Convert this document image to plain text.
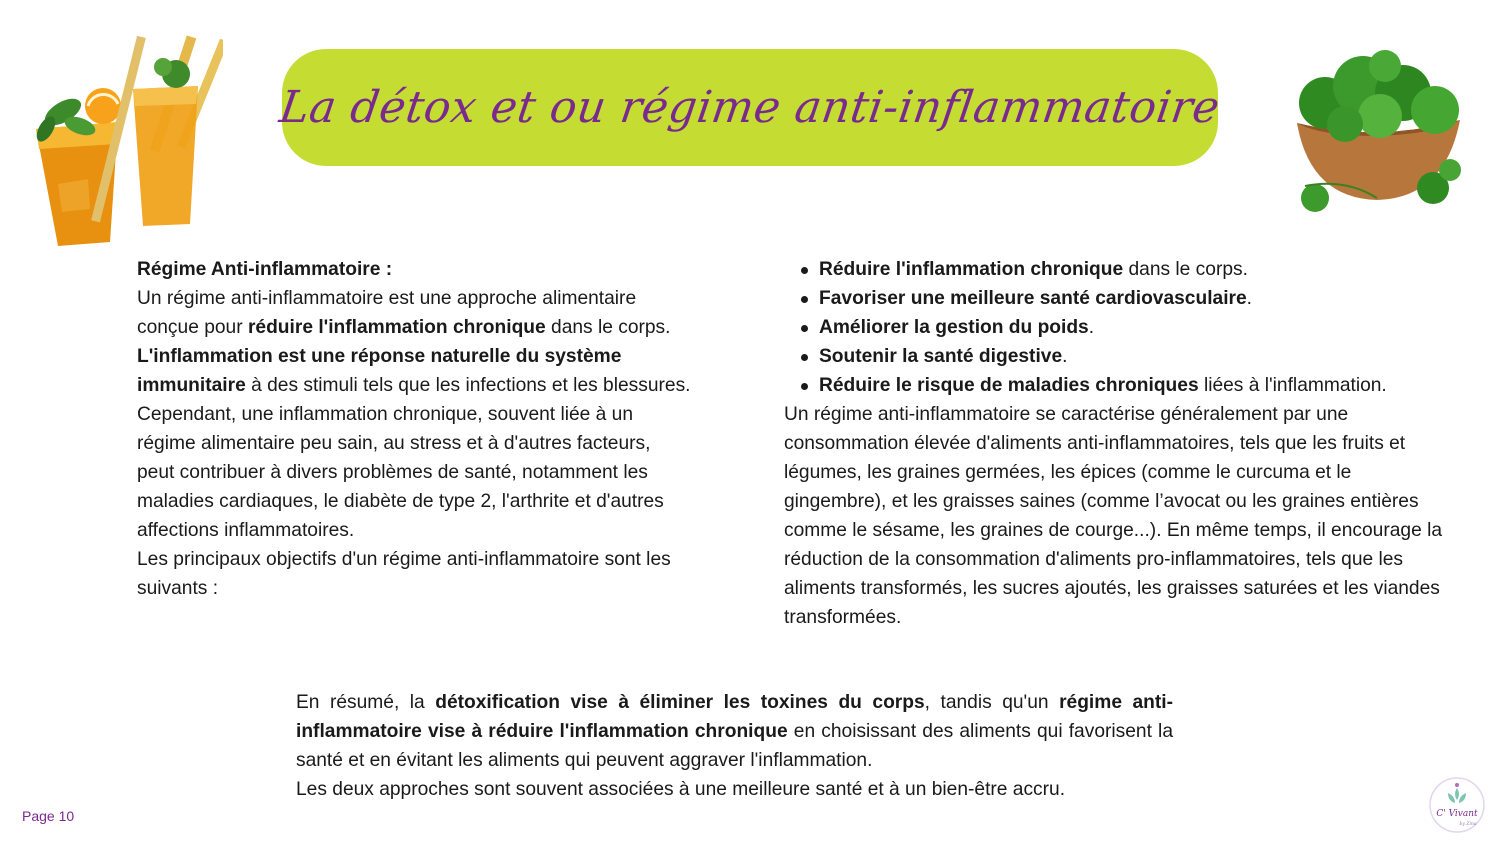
La détox et ou régime anti-inflammatoire

Régime Anti-inflammatoire :

Un régime anti-inflammatoire est une approche alimentaire conçue pour réduire l'inflammation chronique dans le corps.

L'inflammation est une réponse naturelle du système immunitaire à des stimuli tels que les infections et les blessures. Cependant, une inflammation chronique, souvent liée à un régime alimentaire peu sain, au stress et à d'autres facteurs, peut contribuer à divers problèmes de santé, notamment les maladies cardiaques, le diabète de type 2, l'arthrite et d'autres affections inflammatoires.

Les principaux objectifs d'un régime anti-inflammatoire sont les suivants :

Réduire l'inflammation chronique dans le corps.
Favoriser une meilleure santé cardiovasculaire.
Améliorer la gestion du poids.
Soutenir la santé digestive.
Réduire le risque de maladies chroniques liées à l'inflammation.

Un régime anti-inflammatoire se caractérise généralement par une consommation élevée d'aliments anti-inflammatoires, tels que les fruits et légumes, les graines germées, les épices (comme le curcuma et le gingembre), et les graisses saines (comme l’avocat ou les graines entières comme le sésame, les graines de courge...). En même temps, il encourage la réduction de la consommation d'aliments pro-inflammatoires, tels que les aliments transformés, les sucres ajoutés, les graisses saturées et les viandes transformées.

En résumé, la détoxification vise à éliminer les toxines du corps, tandis qu'un régime anti-inflammatoire vise à réduire l'inflammation chronique en choisissant des aliments qui favorisent la santé et en évitant les aliments qui peuvent aggraver l'inflammation.

Les deux approches sont souvent associées à une meilleure santé et à un bien-être accru.

Page 10	C' Vivant
by Zina
